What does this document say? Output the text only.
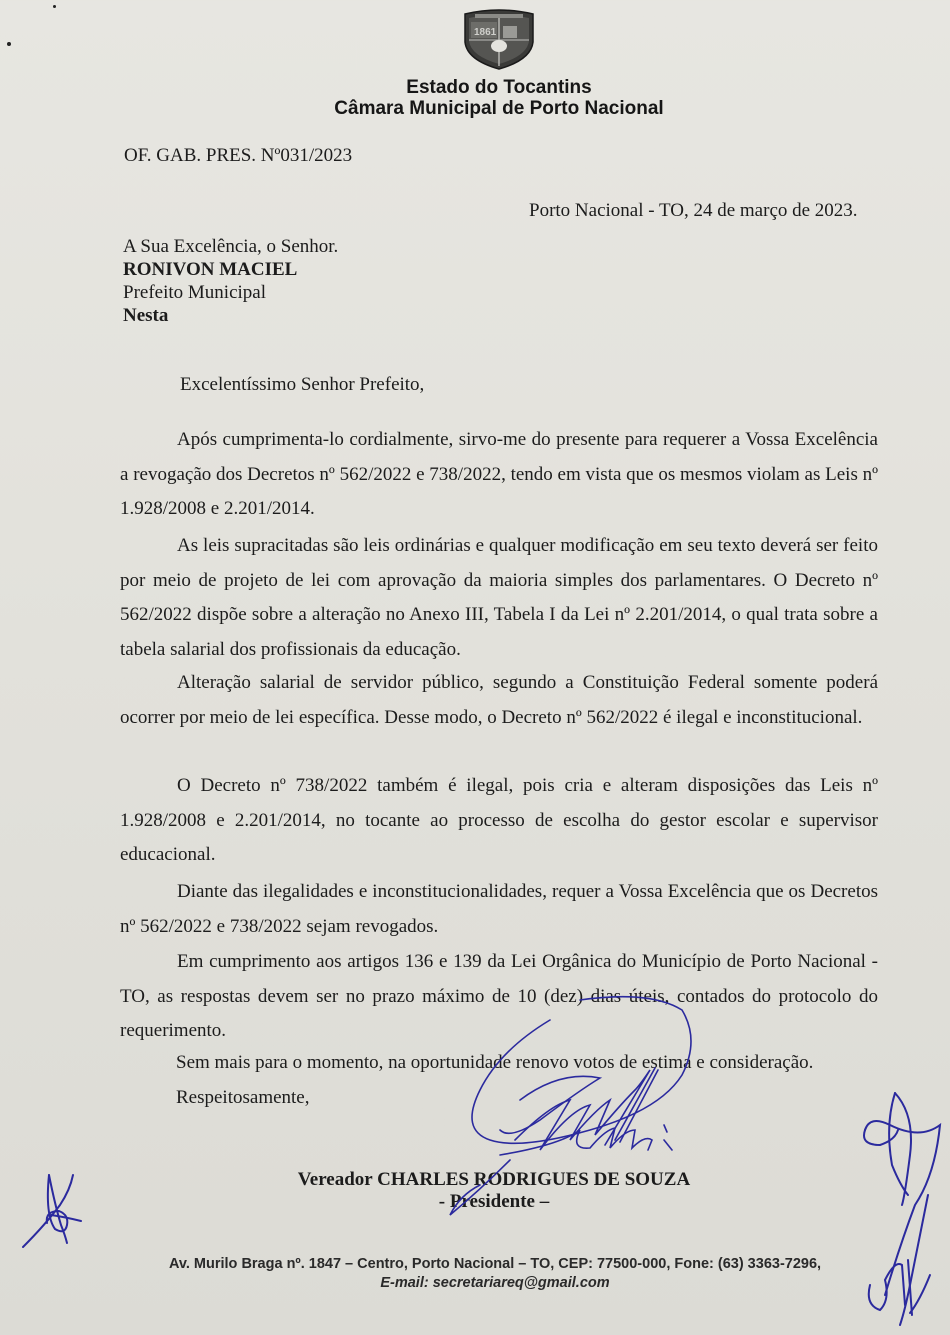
1861
Estado do Tocantins
Câmara Municipal de Porto Nacional
OF. GAB. PRES. Nº031/2023
Porto Nacional - TO, 24 de março de 2023.
A Sua Excelência, o Senhor.
RONIVON MACIEL
Prefeito Municipal
Nesta
Excelentíssimo Senhor Prefeito,

Após cumprimenta-lo cordialmente, sirvo-me do presente para requerer a Vossa Excelência a revogação dos Decretos nº 562/2022 e 738/2022, tendo em vista que os mesmos violam as Leis nº 1.928/2008 e 2.201/2014.

As leis supracitadas são leis ordinárias e qualquer modificação em seu texto deverá ser feito por meio de projeto de lei com aprovação da maioria simples dos parlamentares. O Decreto nº 562/2022 dispõe sobre a alteração no Anexo III, Tabela I da Lei nº 2.201/2014, o qual trata sobre a tabela salarial dos profissionais da educação.

Alteração salarial de servidor público, segundo a Constituição Federal somente poderá ocorrer por meio de lei específica. Desse modo, o Decreto nº 562/2022 é ilegal e inconstitucional.

O Decreto nº 738/2022 também é ilegal, pois cria e alteram disposições das Leis nº 1.928/2008 e 2.201/2014, no tocante ao processo de escolha do gestor escolar e supervisor educacional.

Diante das ilegalidades e inconstitucionalidades, requer a Vossa Excelência que os Decretos nº 562/2022 e 738/2022 sejam revogados.

Em cumprimento aos artigos 136 e 139 da Lei Orgânica do Município de Porto Nacional - TO, as respostas devem ser no prazo máximo de 10 (dez) dias úteis, contados do protocolo do requerimento.

Sem mais para o momento, na oportunidade renovo votos de estima e consideração.
Respeitosamente,
Vereador CHARLES RODRIGUES DE SOUZA
- Presidente –
Av. Murilo Braga nº. 1847 – Centro, Porto Nacional – TO, CEP: 77500-000, Fone: (63) 3363-7296,
E-mail: secretariareq@gmail.com
